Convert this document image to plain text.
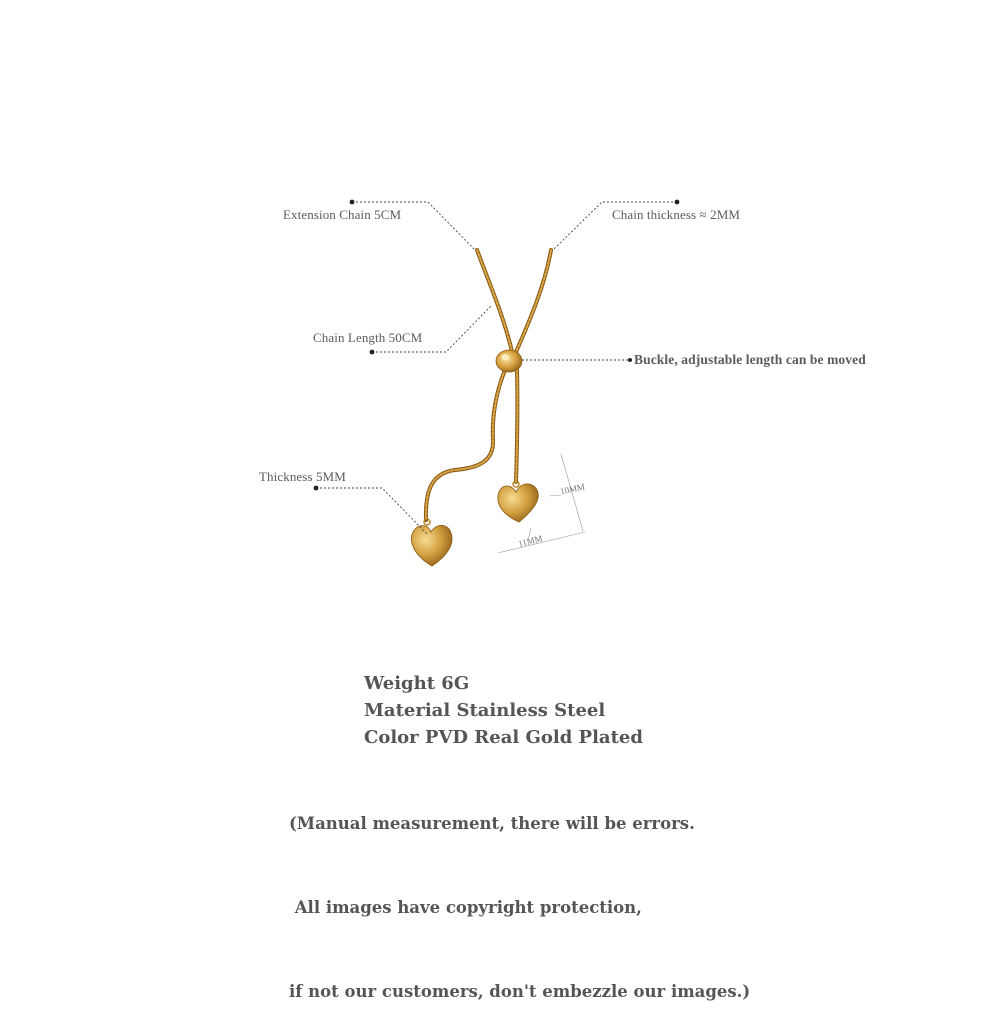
Extension Chain 5CM	Chain thickness ≈ 2MM
Chain Length 50CM
Buckle, adjustable length can be moved
Thickness 5MM
10MM
11MM
Weight 6G
Material Stainless Steel
Color PVD Real Gold Plated

(Manual measurement, there will be errors.

All images have copyright protection,

if not our customers, don't embezzle our images.)
